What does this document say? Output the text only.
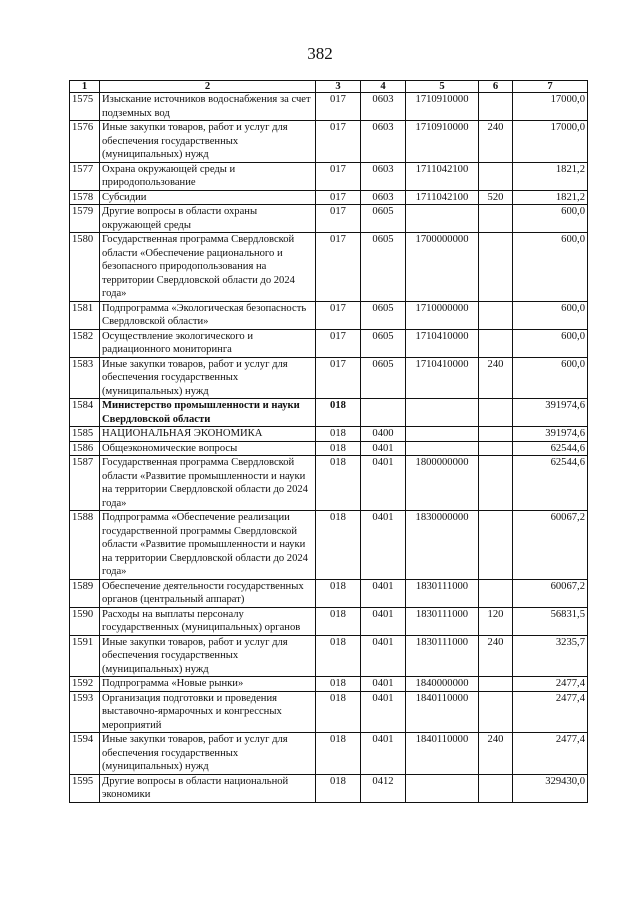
382
1	2	3	4	5	6	7
1575	Изыскание источников водоснабжения за счет подземных вод	017	0603	1710910000		17000,0
1576	Иные закупки товаров, работ и услуг для обеспечения государственных (муниципальных) нужд	017	0603	1710910000	240	17000,0
1577	Охрана окружающей среды и природопользование	017	0603	1711042100		1821,2
1578	Субсидии	017	0603	1711042100	520	1821,2
1579	Другие вопросы в области охраны окружающей среды	017	0605			600,0
1580	Государственная программа Свердловской области «Обеспечение рационального и безопасного природопользования на территории Свердловской области до 2024 года»	017	0605	1700000000		600,0
1581	Подпрограмма «Экологическая безопасность Свердловской области»	017	0605	1710000000		600,0
1582	Осуществление экологического и радиационного мониторинга	017	0605	1710410000		600,0
1583	Иные закупки товаров, работ и услуг для обеспечения государственных (муниципальных) нужд	017	0605	1710410000	240	600,0
1584	Министерство промышленности и науки Свердловской области	018				391974,6
1585	НАЦИОНАЛЬНАЯ ЭКОНОМИКА	018	0400			391974,6
1586	Общеэкономические вопросы	018	0401			62544,6
1587	Государственная программа Свердловской области «Развитие промышленности и науки на территории Свердловской области до 2024 года»	018	0401	1800000000		62544,6
1588	Подпрограмма «Обеспечение реализации государственной программы Свердловской области «Развитие промышленности и науки на территории Свердловской области до 2024 года»	018	0401	1830000000		60067,2
1589	Обеспечение деятельности государственных органов (центральный аппарат)	018	0401	1830111000		60067,2
1590	Расходы на выплаты персоналу государственных (муниципальных) органов	018	0401	1830111000	120	56831,5
1591	Иные закупки товаров, работ и услуг для обеспечения государственных (муниципальных) нужд	018	0401	1830111000	240	3235,7
1592	Подпрограмма «Новые рынки»	018	0401	1840000000		2477,4
1593	Организация подготовки и проведения выставочно-ярмарочных и конгрессных мероприятий	018	0401	1840110000		2477,4
1594	Иные закупки товаров, работ и услуг для обеспечения государственных (муниципальных) нужд	018	0401	1840110000	240	2477,4
1595	Другие вопросы в области национальной экономики	018	0412			329430,0
